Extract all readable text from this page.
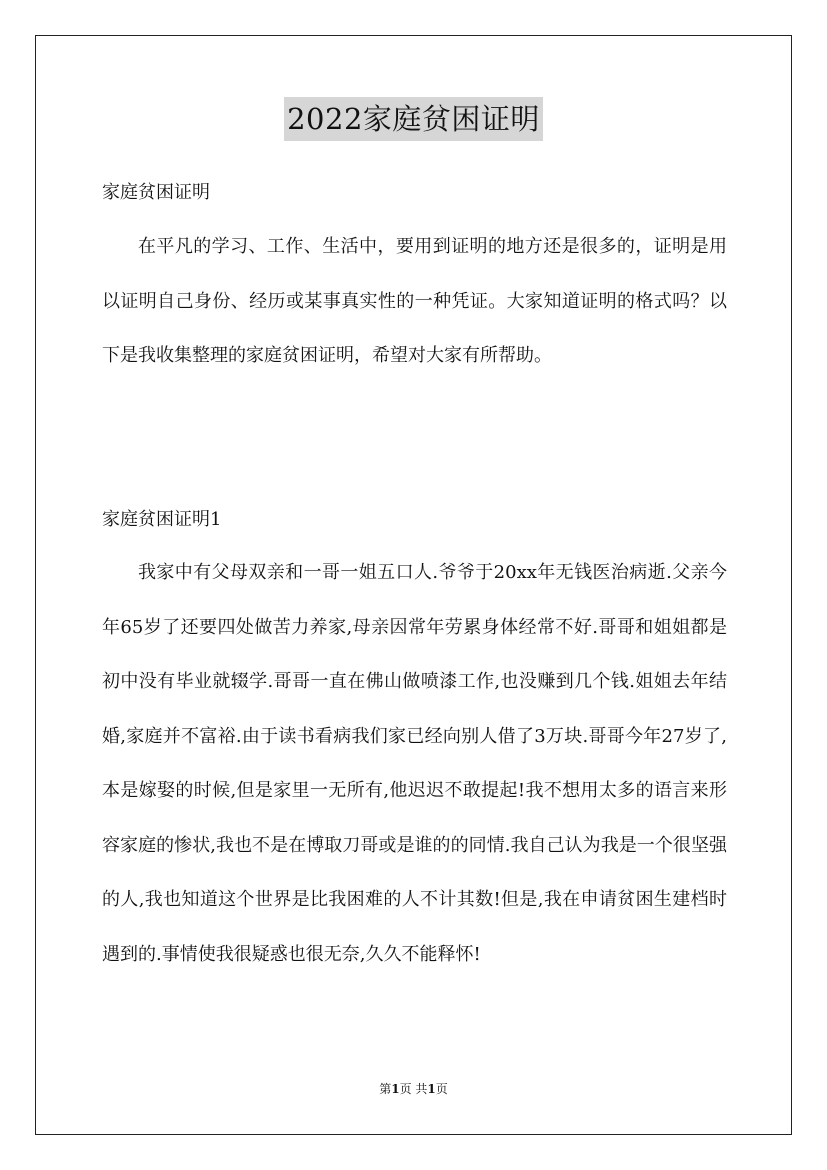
2022家庭贫困证明
家庭贫困证明

在平凡的学习、工作、生活中，要用到证明的地方还是很多的，证明是用以证明自己身份、经历或某事真实性的一种凭证。大家知道证明的格式吗？以下是我收集整理的家庭贫困证明，希望对大家有所帮助。

家庭贫困证明1

我家中有父母双亲和一哥一姐五口人.爷爷于20xx年无钱医治病逝.父亲今年65岁了还要四处做苦力养家,母亲因常年劳累身体经常不好.哥哥和姐姐都是初中没有毕业就辍学.哥哥一直在佛山做喷漆工作,也没赚到几个钱.姐姐去年结婚,家庭并不富裕.由于读书看病我们家已经向别人借了3万块.哥哥今年27岁了,本是嫁娶的时候,但是家里一无所有,他迟迟不敢提起!我不想用太多的语言来形容家庭的惨状,我也不是在博取刀哥或是谁的的同情.我自己认为我是一个很坚强的人,我也知道这个世界是比我困难的人不计其数!但是,我在申请贫困生建档时遇到的.事情使我很疑惑也很无奈,久久不能释怀!

第1页 共1页
